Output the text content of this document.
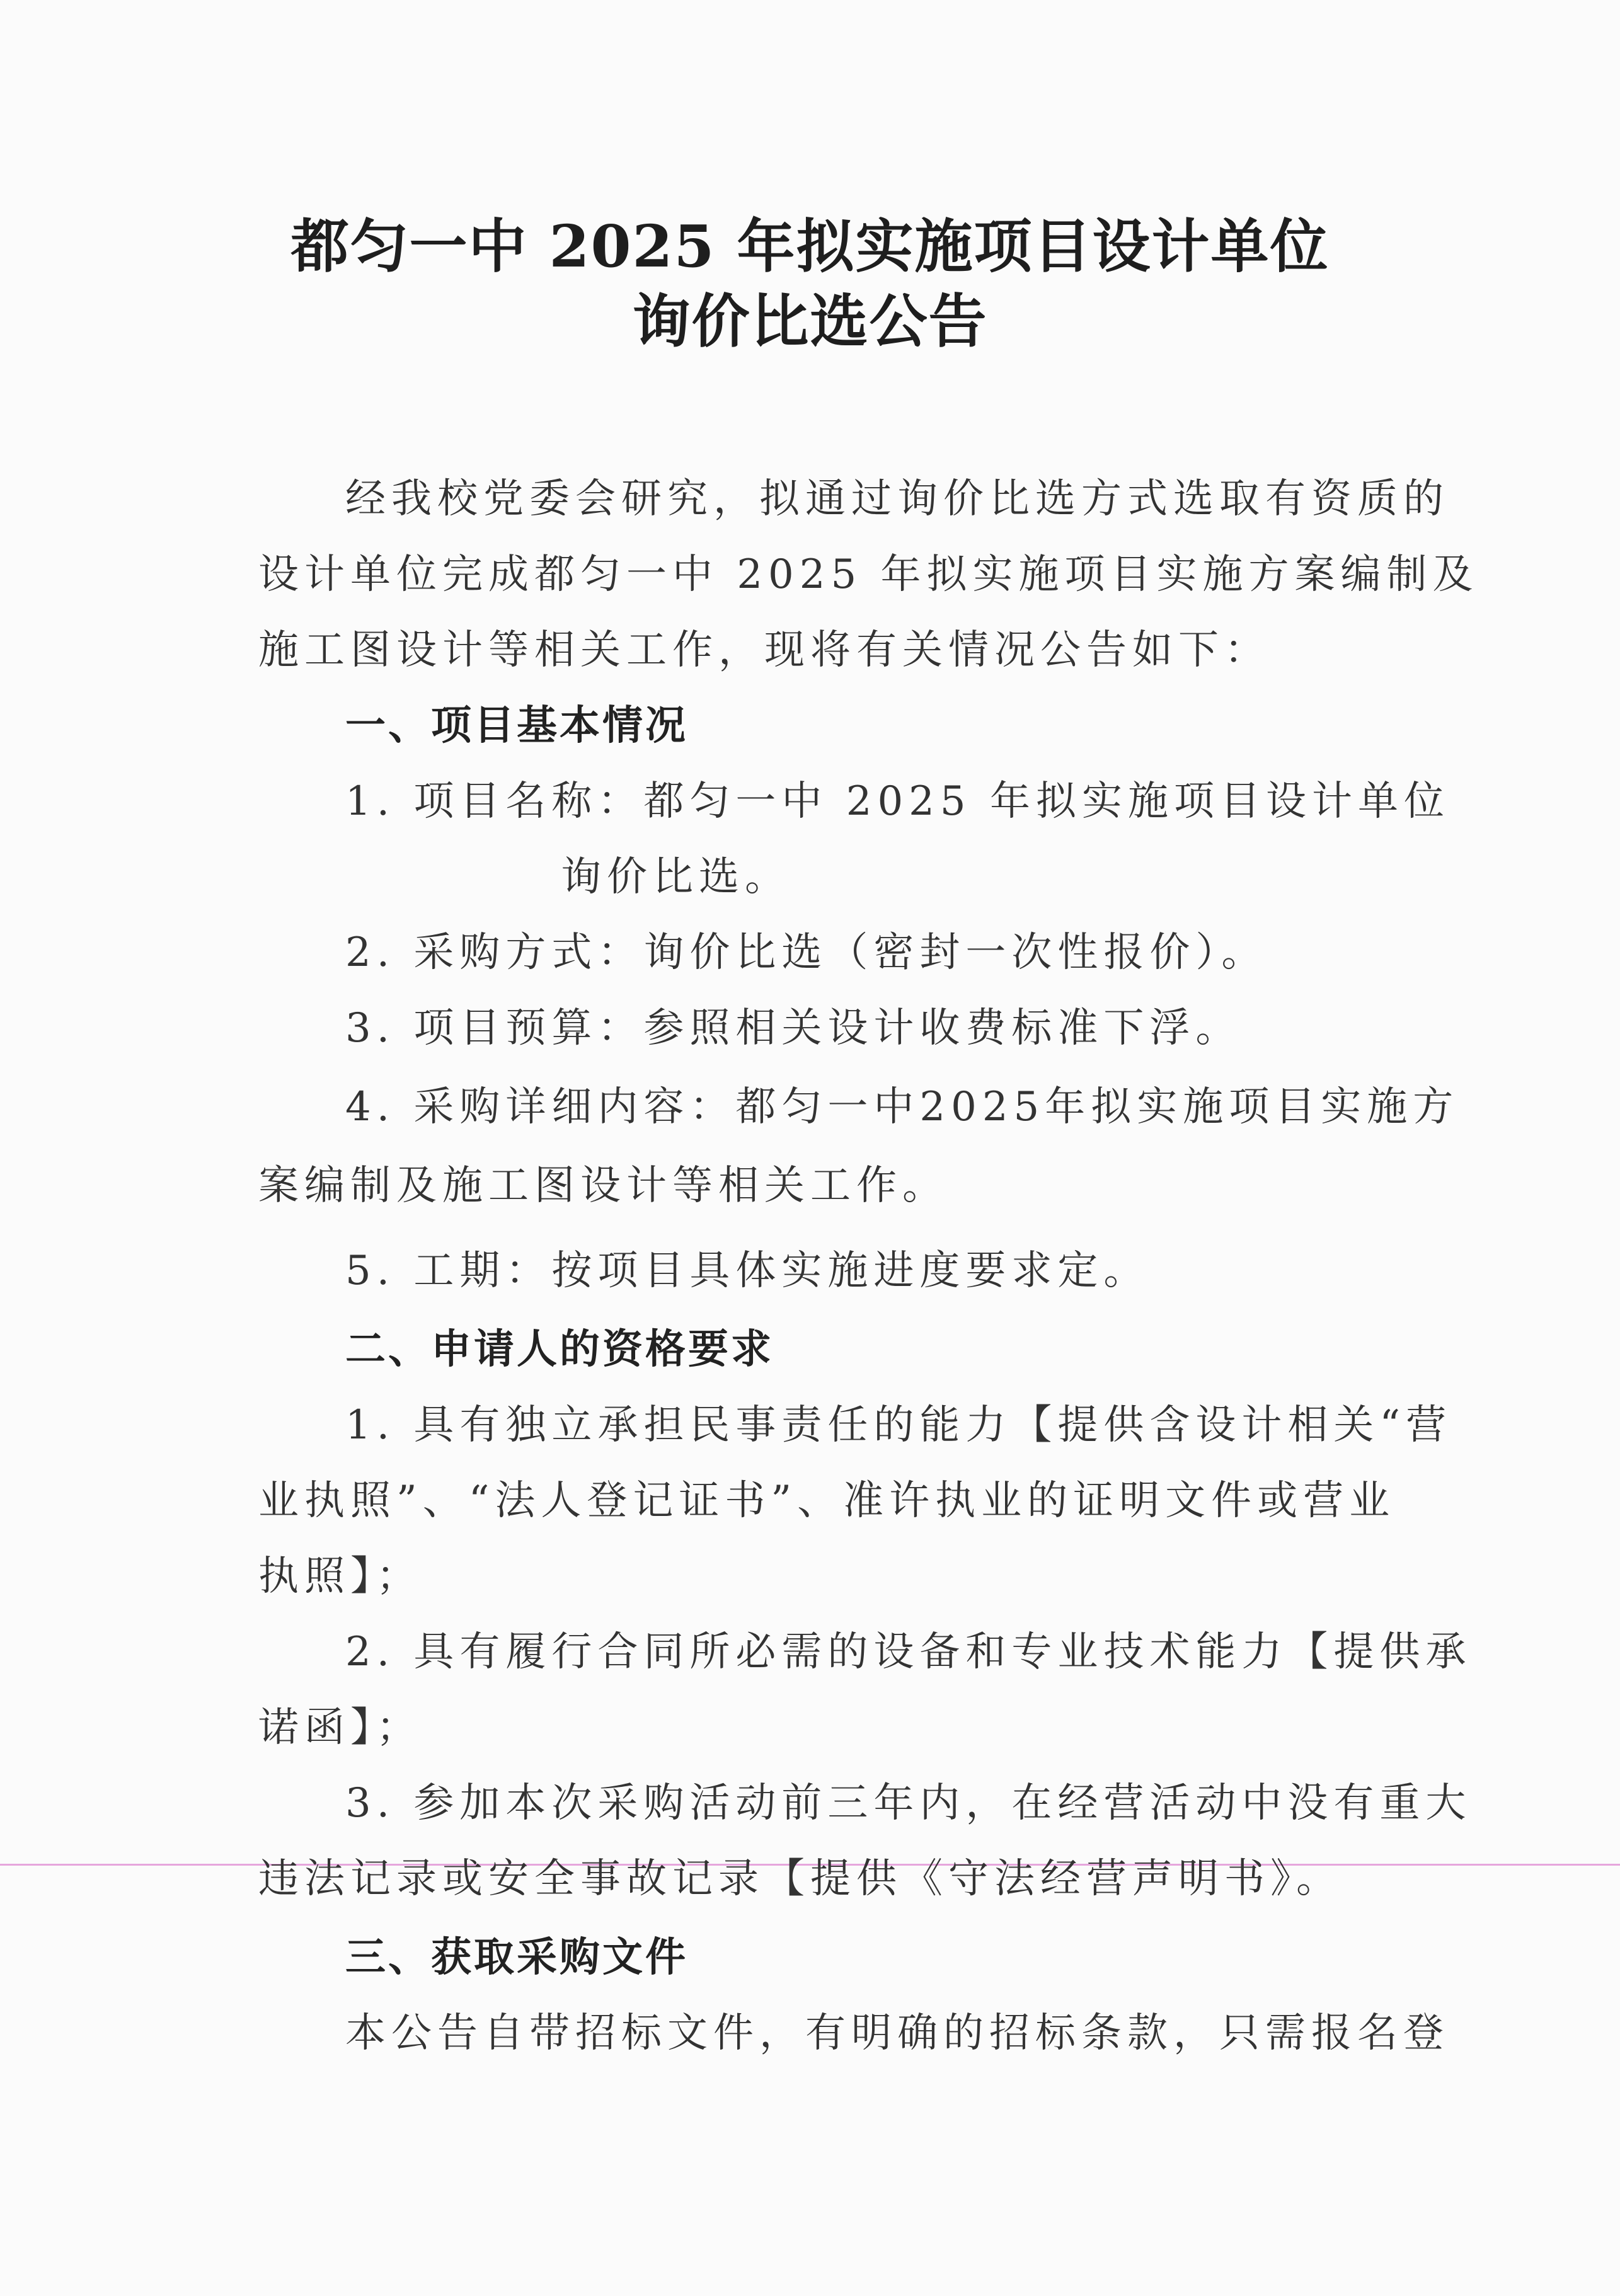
都匀一中 2025 年拟实施项目设计单位
询价比选公告
经我校党委会研究，拟通过询价比选方式选取有资质的
设计单位完成都匀一中 2025 年拟实施项目实施方案编制及
施工图设计等相关工作，现将有关情况公告如下：
一、项目基本情况
1. 项目名称：都匀一中 2025 年拟实施项目设计单位
询价比选。
2. 采购方式：询价比选（密封一次性报价）。
3. 项目预算：参照相关设计收费标准下浮。
4. 采购详细内容：都匀一中2025年拟实施项目实施方
案编制及施工图设计等相关工作。
5. 工期：按项目具体实施进度要求定。
二、申请人的资格要求
1. 具有独立承担民事责任的能力【提供含设计相关“营
业执照”、“法人登记证书”、准许执业的证明文件或营业
执照】；
2. 具有履行合同所必需的设备和专业技术能力【提供承
诺函】；
3. 参加本次采购活动前三年内，在经营活动中没有重大
违法记录或安全事故记录【提供《守法经营声明书》。
三、获取采购文件
本公告自带招标文件，有明确的招标条款，只需报名登
